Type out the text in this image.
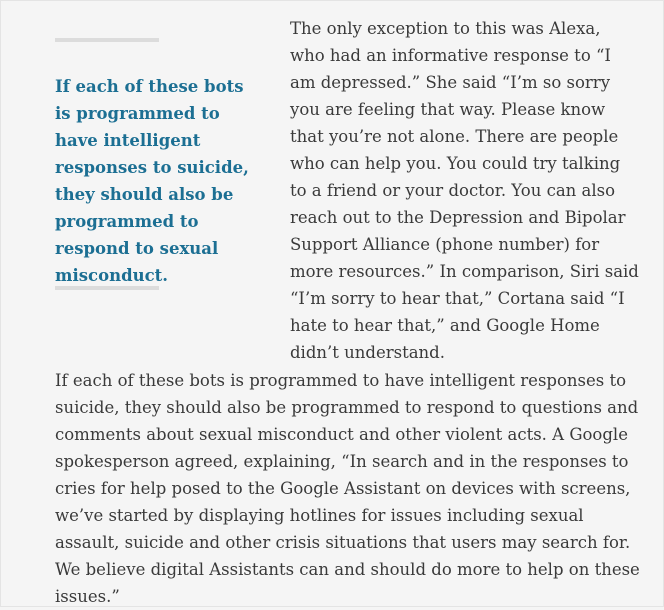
If each of these bots is programmed to have intelligent responses to suicide, they should also be programmed to respond to sexual misconduct.

The only exception to this was Alexa, who had an informative response to “I am depressed.” She said “I’m so sorry you are feeling that way. Please know that you’re not alone. There are people who can help you. You could try talking to a friend or your doctor. You can also reach out to the Depression and Bipolar Support Alliance (phone number) for more resources.” In comparison, Siri said “I’m sorry to hear that,” Cortana said “I hate to hear that,” and Google Home didn’t understand.

If each of these bots is programmed to have intelligent responses to suicide, they should also be programmed to respond to questions and comments about sexual misconduct and other violent acts. A Google spokesperson agreed, explaining, “In search and in the responses to cries for help posed to the Google Assistant on devices with screens, we’ve started by displaying hotlines for issues including sexual assault, suicide and other crisis situations that users may search for. We believe digital Assistants can and should do more to help on these issues.”
